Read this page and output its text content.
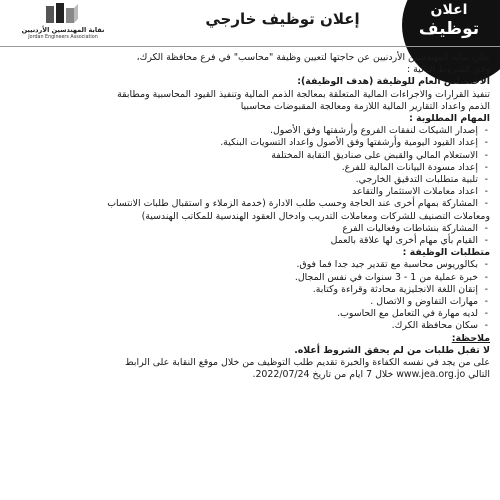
اعلان
توظيف
إعلان توظيف خارجي
نقابة المهندسين الأردنيين
Jordan Engineers Association

تعلن نقابة المهندسين الأردنيين عن حاجتها لتعيين وظيفة "محاسب" في فرع محافظة الكرك،

وفق الشروط التالية :

الاختصاص العام للوظيفة (هدف الوظيفة):

تنفيذ القرارات والاجراءات المالية المتعلقة بمعالجة الذمم المالية وتنفيذ القيود المحاسبية ومطابقة

الذمم واعداد التقارير المالية اللازمة ومعالجة المقبوضات محاسبيا

المهام المطلوبة :

- إصدار الشيكات لنفقات الفروع وأرشفتها وفق الأصول.
- إعداد القيود اليومية وأرشفتها وفق الأصول واعداد التسويات البنكية.
- الاستعلام المالي والقبض على صناديق النقابة المختلفة
- إعداد مسودة البيانات المالية للفرع.
- تلبية متطلبات التدقيق الخارجي.
- اعداد معاملات الاستثمار والتقاعد
- المشاركة بمهام أخرى عند الحاجة وحسب طلب الادارة (خدمة الزملاء و استقبال طلبات الانتساب

ومعاملات التصنيف للشركات ومعاملات التدريب وادخال العقود الهندسية للمكاتب الهندسية)

- المشاركة بنشاطات وفعاليات الفرع
- القيام بأي مهام أخرى لها علاقة بالعمل

متطلبات الوظيفة :

- بكالوريوس محاسبة مع تقدير جيد جدا فما فوق.
- خبرة عملية من 1 - 3 سنوات في نفس المجال.
- إتقان اللغة الانجليزية محادثة وقراءة وكتابة.
- مهارات التفاوض و الاتصال .
- لديه مهارة في التعامل مع الحاسوب.
- سكان محافظة الكرك.

ملاحظة:

لا تقبل طلبات من لم يحقق الشروط أعلاه.

على من يجد في نفسه الكفاءة والخبرة تقديم طلب التوظيف من خلال موقع النقابة على الرابط

التالي www.jea.org.jo خلال 7 ايام من تاريخ 2022/07/24.
